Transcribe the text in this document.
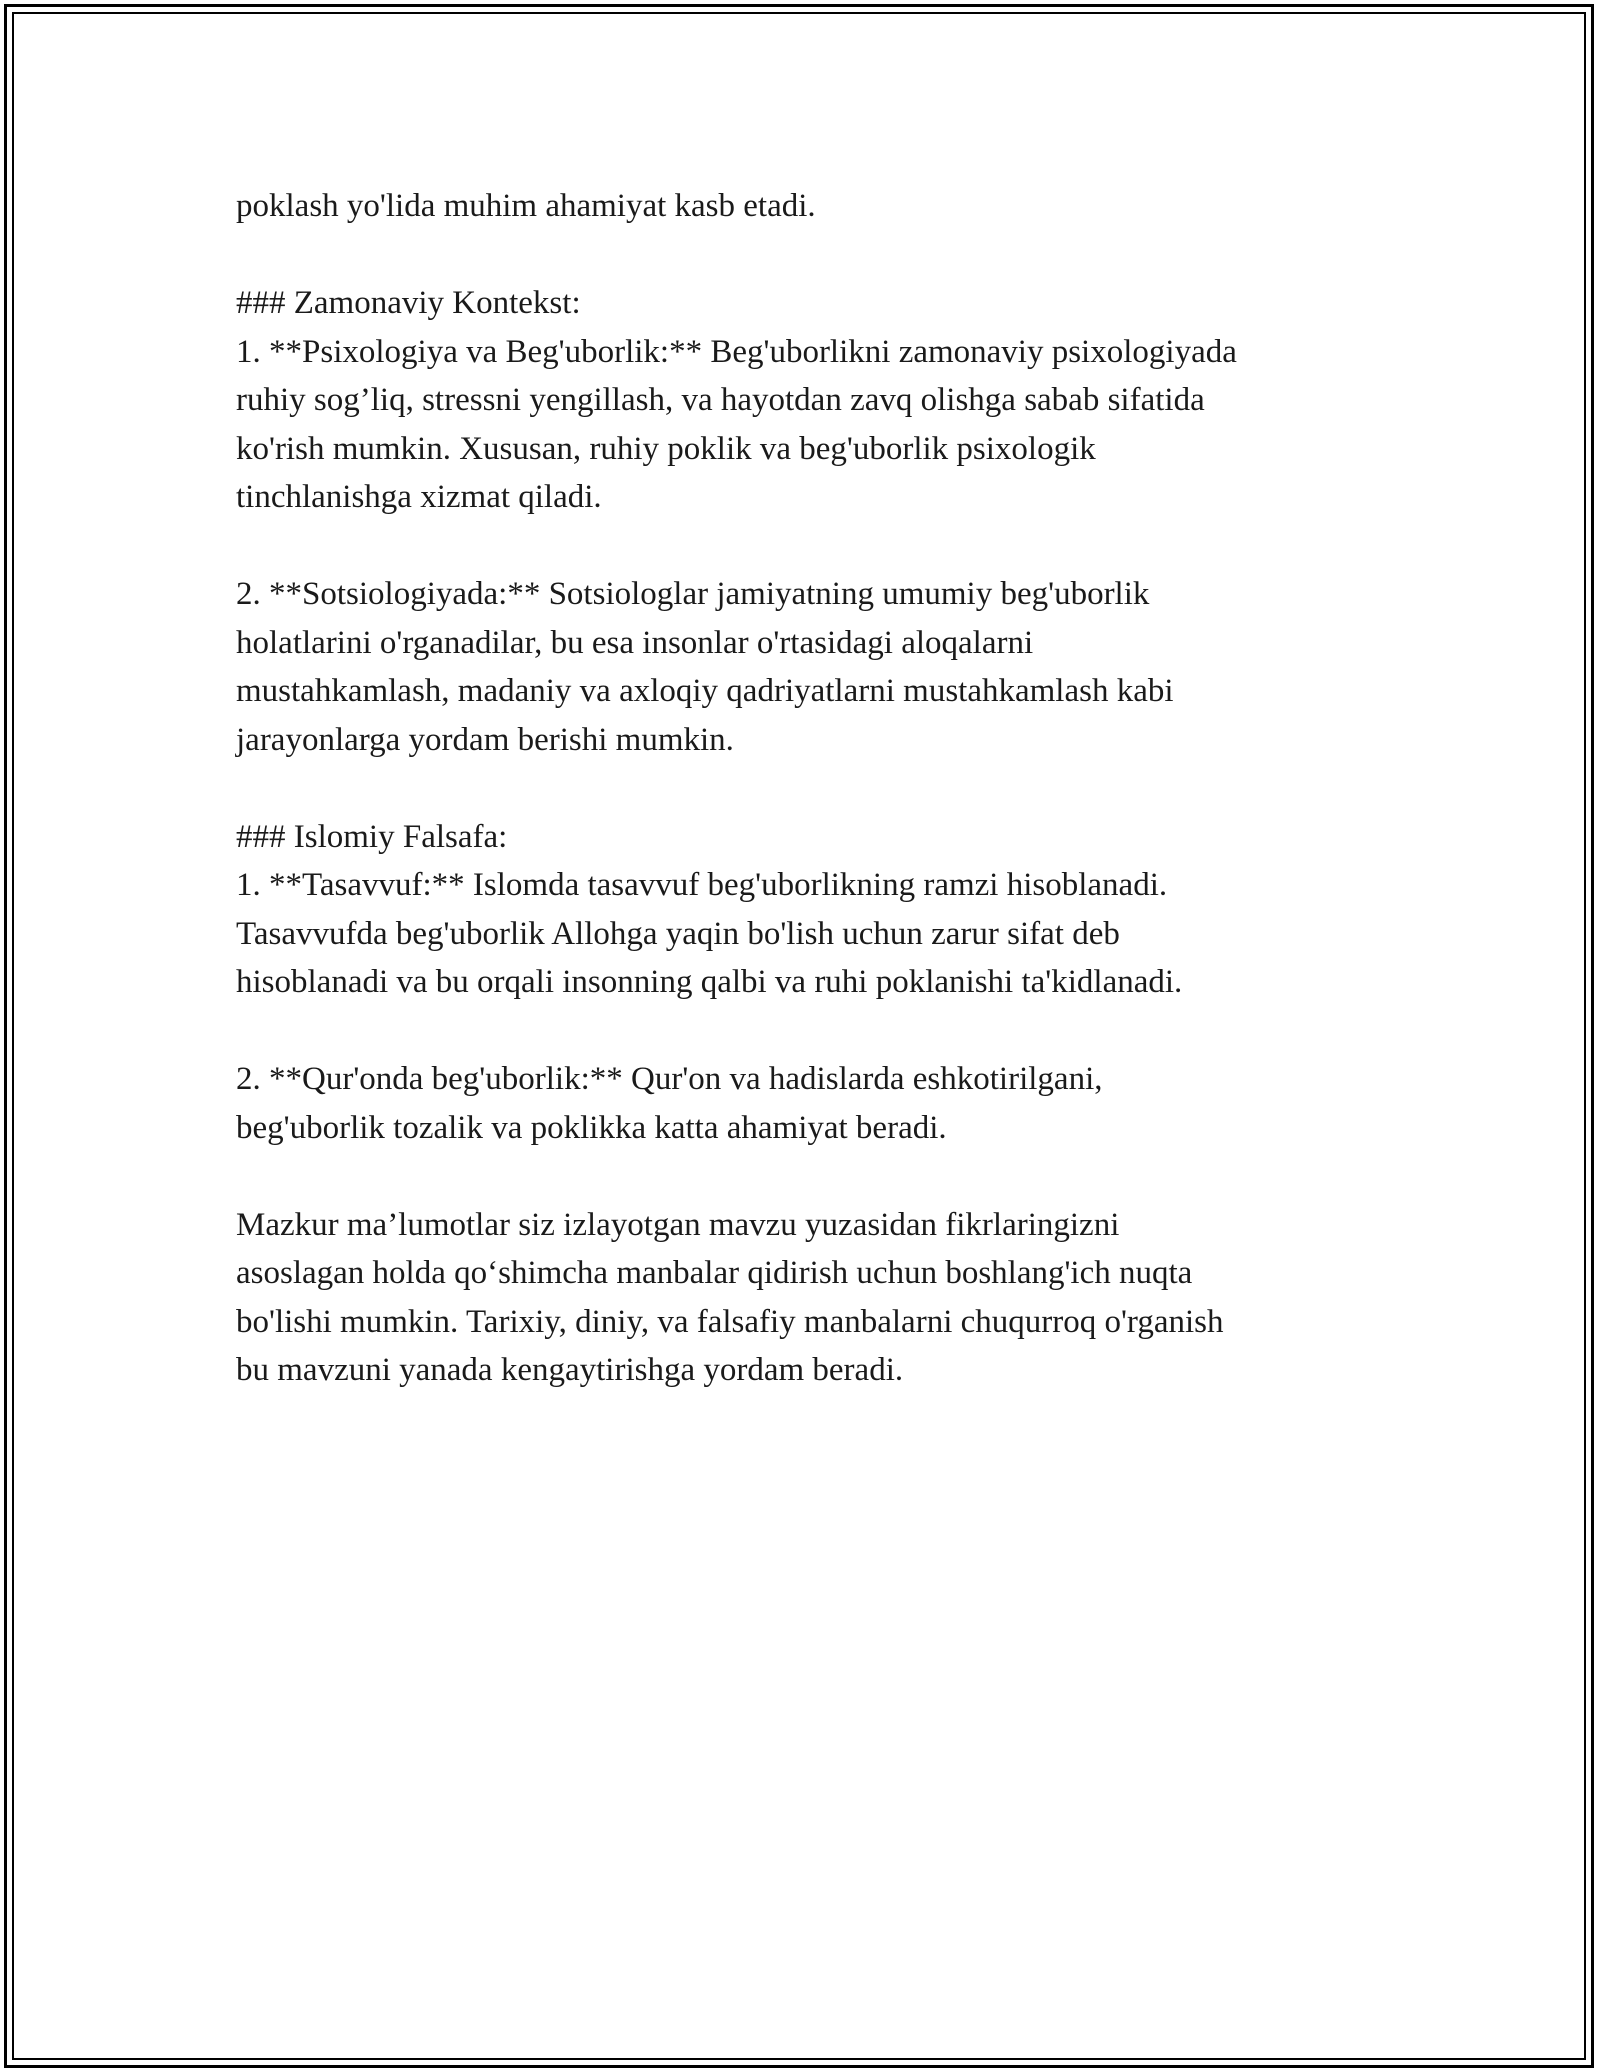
poklash yo'lida muhim ahamiyat kasb etadi.

### Zamonaviy Kontekst:
1. **Psixologiya va Beg'uborlik:** Beg'uborlikni zamonaviy psixologiyada
ruhiy sog’liq, stressni yengillash, va hayotdan zavq olishga sabab sifatida
ko'rish mumkin. Xususan, ruhiy poklik va beg'uborlik psixologik
tinchlanishga xizmat qiladi.

2. **Sotsiologiyada:** Sotsiologlar jamiyatning umumiy beg'uborlik
holatlarini o'rganadilar, bu esa insonlar o'rtasidagi aloqalarni
mustahkamlash, madaniy va axloqiy qadriyatlarni mustahkamlash kabi
jarayonlarga yordam berishi mumkin.

### Islomiy Falsafa:
1. **Tasavvuf:** Islomda tasavvuf beg'uborlikning ramzi hisoblanadi.
Tasavvufda beg'uborlik Allohga yaqin bo'lish uchun zarur sifat deb
hisoblanadi va bu orqali insonning qalbi va ruhi poklanishi ta'kidlanadi.

2. **Qur'onda beg'uborlik:** Qur'on va hadislarda eshkotirilgani,
beg'uborlik tozalik va poklikka katta ahamiyat beradi.

Mazkur ma’lumotlar siz izlayotgan mavzu yuzasidan fikrlaringizni
asoslagan holda qo‘shimcha manbalar qidirish uchun boshlang'ich nuqta
bo'lishi mumkin. Tarixiy, diniy, va falsafiy manbalarni chuqurroq o'rganish
bu mavzuni yanada kengaytirishga yordam beradi.
